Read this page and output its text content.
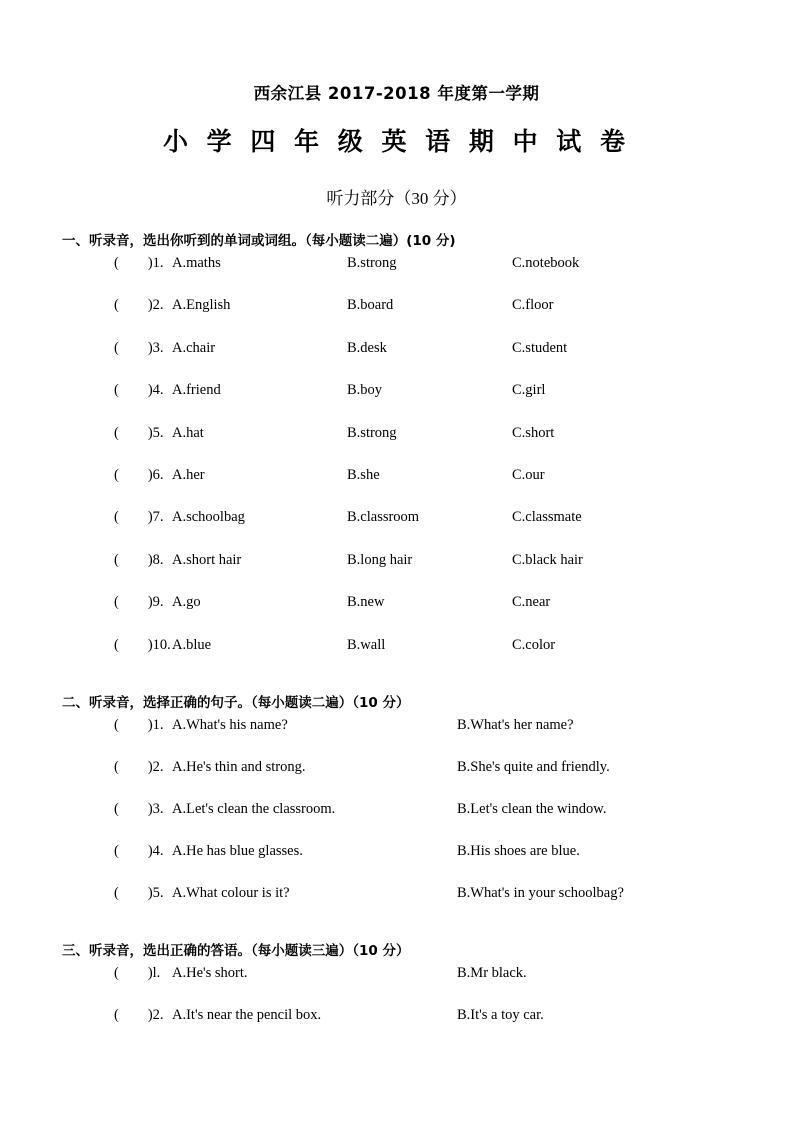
西余江县 2017-2018 年度第一学期
小 学 四 年 级 英 语 期 中 试 卷
听力部分（30 分）
一、听录音，选出你听到的单词或词组。（每小题读二遍）(10 分)
(        )1. A.maths	B.strong	C.notebook
(        )2. A.English	B.board	C.floor
(        )3. A.chair	B.desk	C.student
(        )4. A.friend	B.boy	C.girl
(        )5. A.hat	B.strong	C.short
(        )6. A.her	B.she	C.our
(        )7. A.schoolbag	B.classroom	C.classmate
(        )8. A.short hair	B.long hair	C.black hair
(        )9. A.go	B.new	C.near
(        )10. A.blue	B.wall	C.color
二、听录音，选择正确的句子。（每小题读二遍）（10 分）
(        )1. A.What's his name?	B.What's her name?
(        )2. A.He's thin and strong.	B.She's quite and friendly.
(        )3. A.Let's clean the classroom.	B.Let's clean the window.
(        )4. A.He has blue glasses.	B.His shoes are blue.
(        )5. A.What colour is it?	B.What's in your schoolbag?
三、听录音，选出正确的答语。（每小题读三遍）（10 分）
(        )l. A.He's short.	B.Mr black.
(        )2. A.It's near the pencil box.	B.It's a toy car.
